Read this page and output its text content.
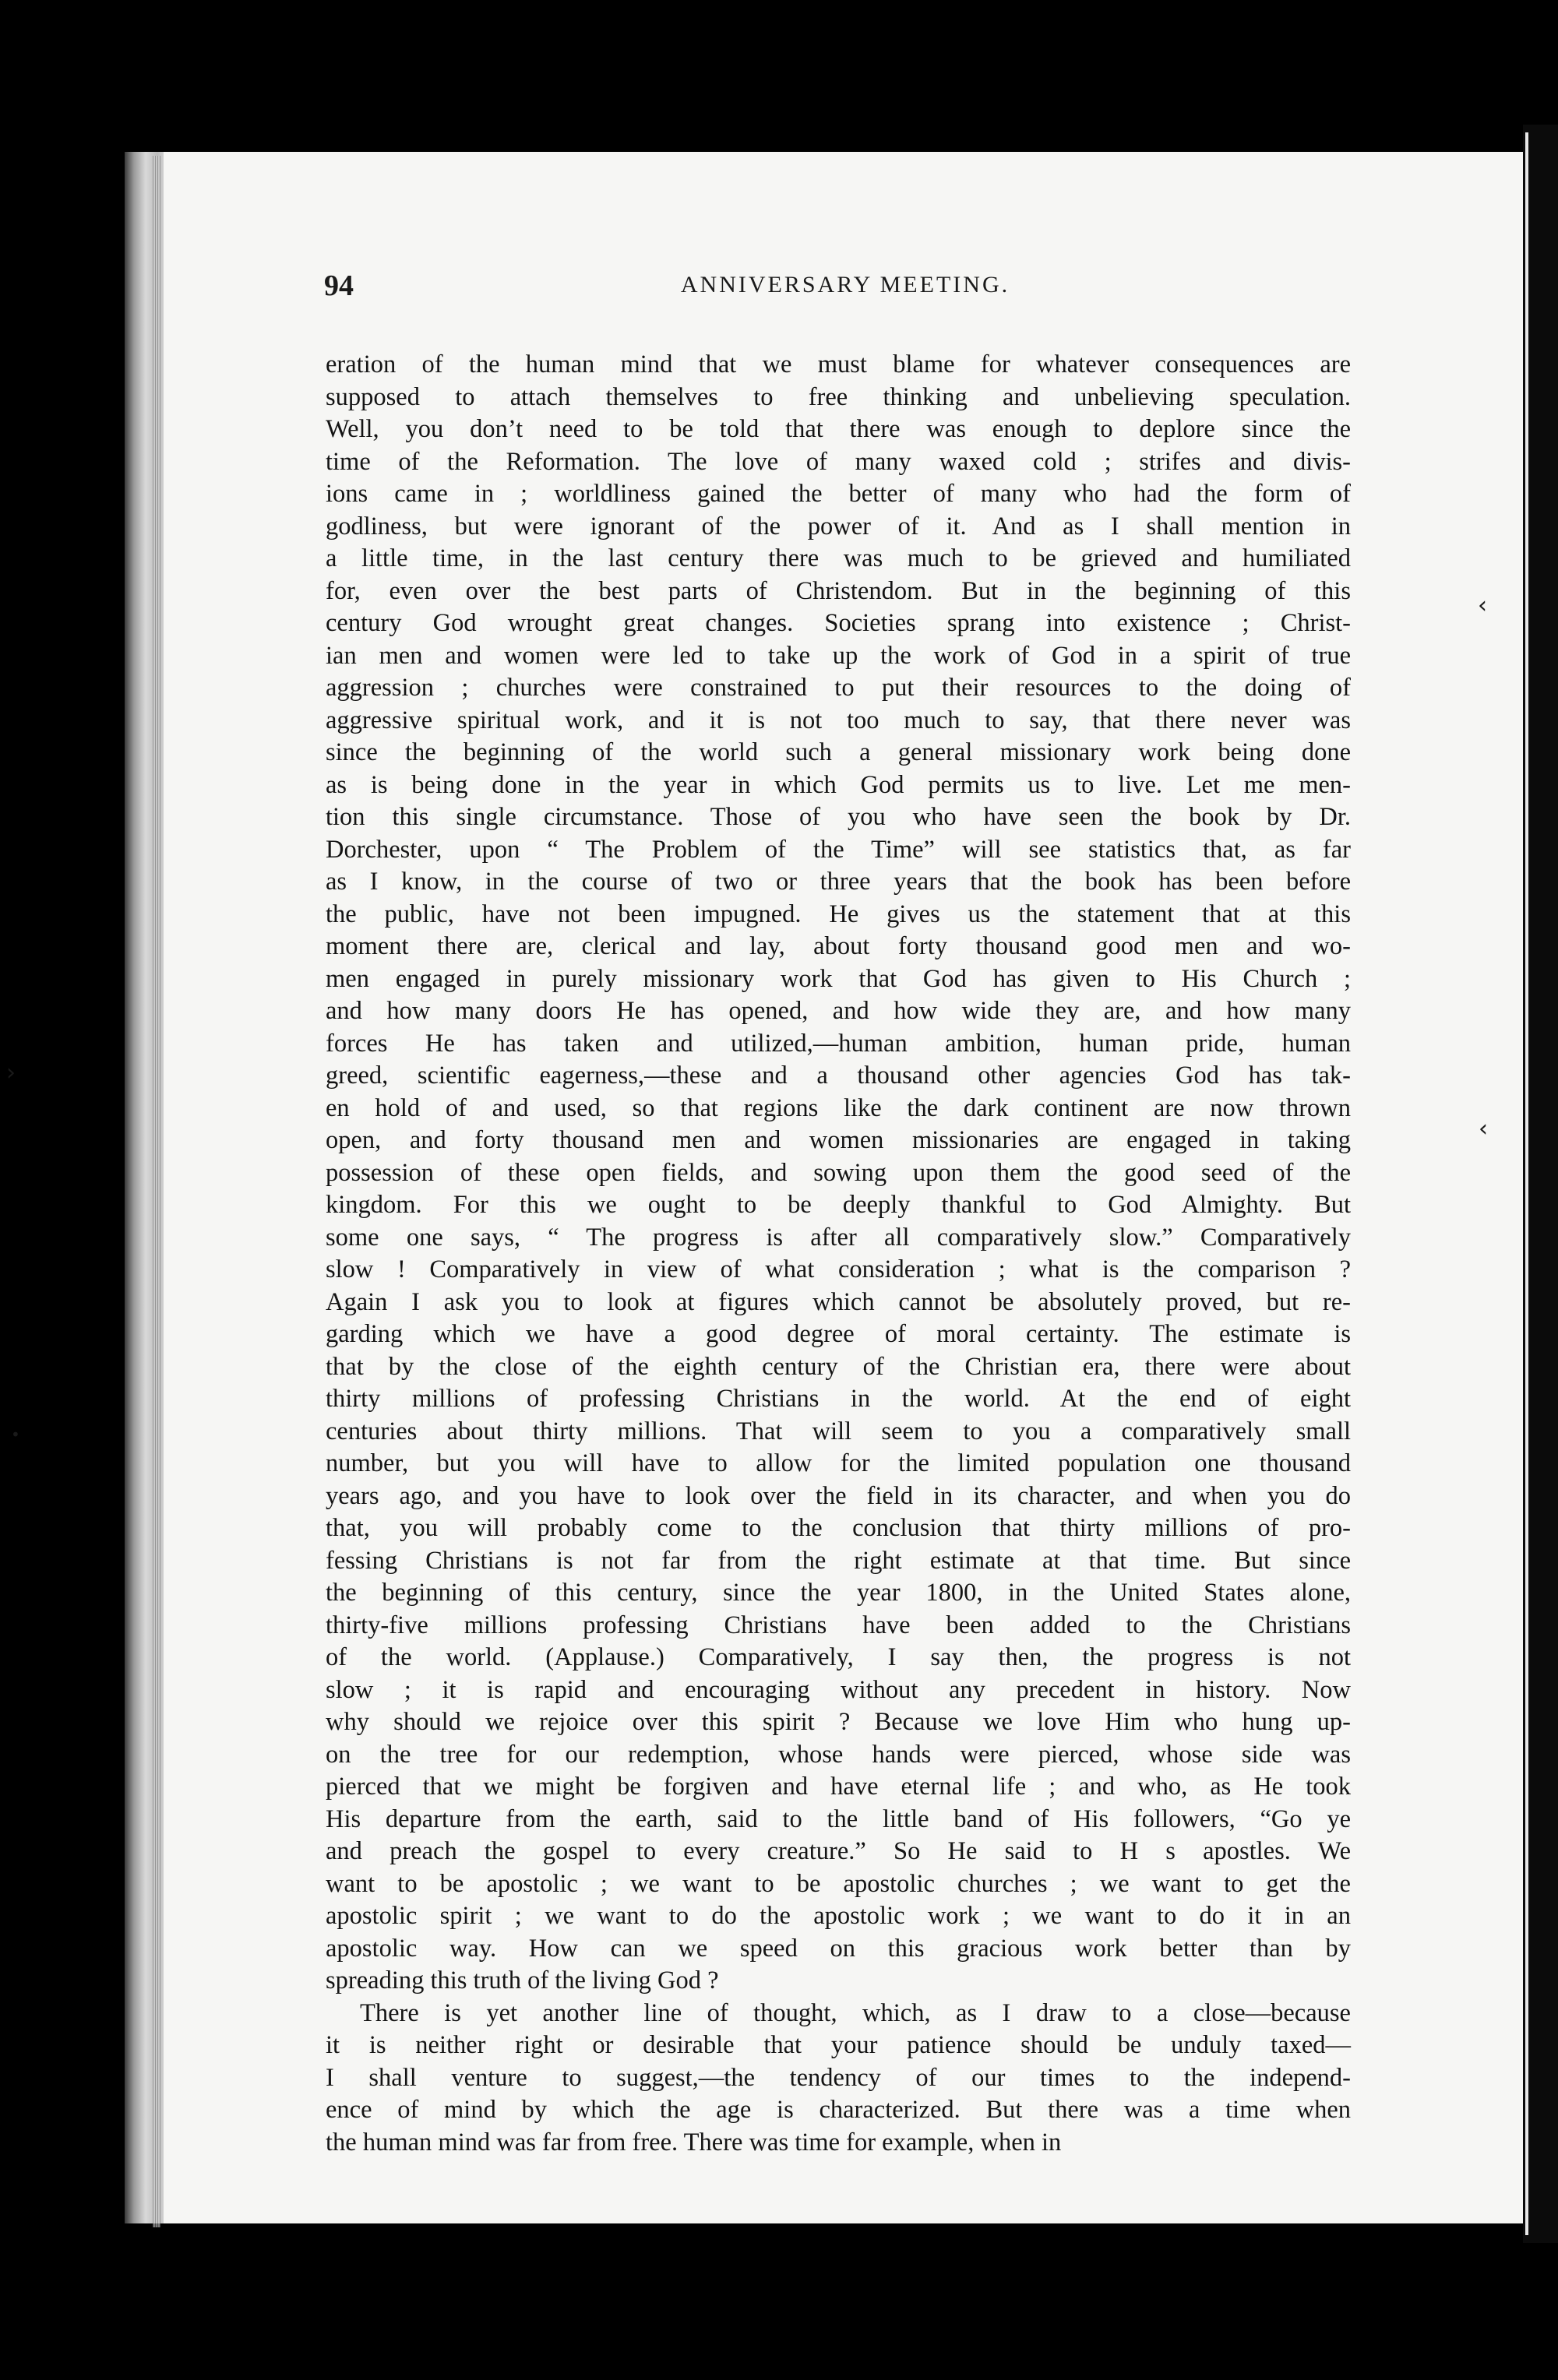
94	ANNIVERSARY MEETING.
eration of the human mind that we must blame for whatever consequences are
supposed to attach themselves to free thinking and unbelieving speculation.
Well, you don’t need to be told that there was enough to deplore since the
time of the Reformation. The love of many waxed cold ; strifes and divis-
ions came in ; worldliness gained the better of many who had the form of
godliness, but were ignorant of the power of it. And as I shall mention in
a little time, in the last century there was much to be grieved and humiliated
for, even over the best parts of Christendom. But in the beginning of this
century God wrought great changes. Societies sprang into existence ; Christ-
ian men and women were led to take up the work of God in a spirit of true
aggression ; churches were constrained to put their resources to the doing of
aggressive spiritual work, and it is not too much to say, that there never was
since the beginning of the world such a general missionary work being done
as is being done in the year in which God permits us to live. Let me men-
tion this single circumstance. Those of you who have seen the book by Dr.
Dorchester, upon “ The Problem of the Time” will see statistics that, as far
as I know, in the course of two or three years that the book has been before
the public, have not been impugned. He gives us the statement that at this
moment there are, clerical and lay, about forty thousand good men and wo-
men engaged in purely missionary work that God has given to His Church ;
and how many doors He has opened, and how wide they are, and how many
forces He has taken and utilized,—human ambition, human pride, human
greed, scientific eagerness,—these and a thousand other agencies God has tak-
en hold of and used, so that regions like the dark continent are now thrown
open, and forty thousand men and women missionaries are engaged in taking
possession of these open fields, and sowing upon them the good seed of the
kingdom. For this we ought to be deeply thankful to God Almighty. But
some one says, “ The progress is after all comparatively slow.” Comparatively
slow ! Comparatively in view of what consideration ; what is the comparison ?
Again I ask you to look at figures which cannot be absolutely proved, but re-
garding which we have a good degree of moral certainty. The estimate is
that by the close of the eighth century of the Christian era, there were about
thirty millions of professing Christians in the world. At the end of eight
centuries about thirty millions. That will seem to you a comparatively small
number, but you will have to allow for the limited population one thousand
years ago, and you have to look over the field in its character, and when you do
that, you will probably come to the conclusion that thirty millions of pro-
fessing Christians is not far from the right estimate at that time. But since
the beginning of this century, since the year 1800, in the United States alone,
thirty-five millions professing Christians have been added to the Christians
of the world. (Applause.) Comparatively, I say then, the progress is not
slow ; it is rapid and encouraging without any precedent in history. Now
why should we rejoice over this spirit ? Because we love Him who hung up-
on the tree for our redemption, whose hands were pierced, whose side was
pierced that we might be forgiven and have eternal life ; and who, as He took
His departure from the earth, said to the little band of His followers, “Go ye
and preach the gospel to every creature.” So He said to H s apostles. We
want to be apostolic ; we want to be apostolic churches ; we want to get the
apostolic spirit ; we want to do the apostolic work ; we want to do it in an
apostolic way. How can we speed on this gracious work better than by
spreading this truth of the living God ?
There is yet another line of thought, which, as I draw to a close—because
it is neither right or desirable that your patience should be unduly taxed—
I shall venture to suggest,—the tendency of our times to the independ-
ence of mind by which the age is characterized. But there was a time when
the human mind was far from free. There was time for example, when in
‹
‹
›
•
